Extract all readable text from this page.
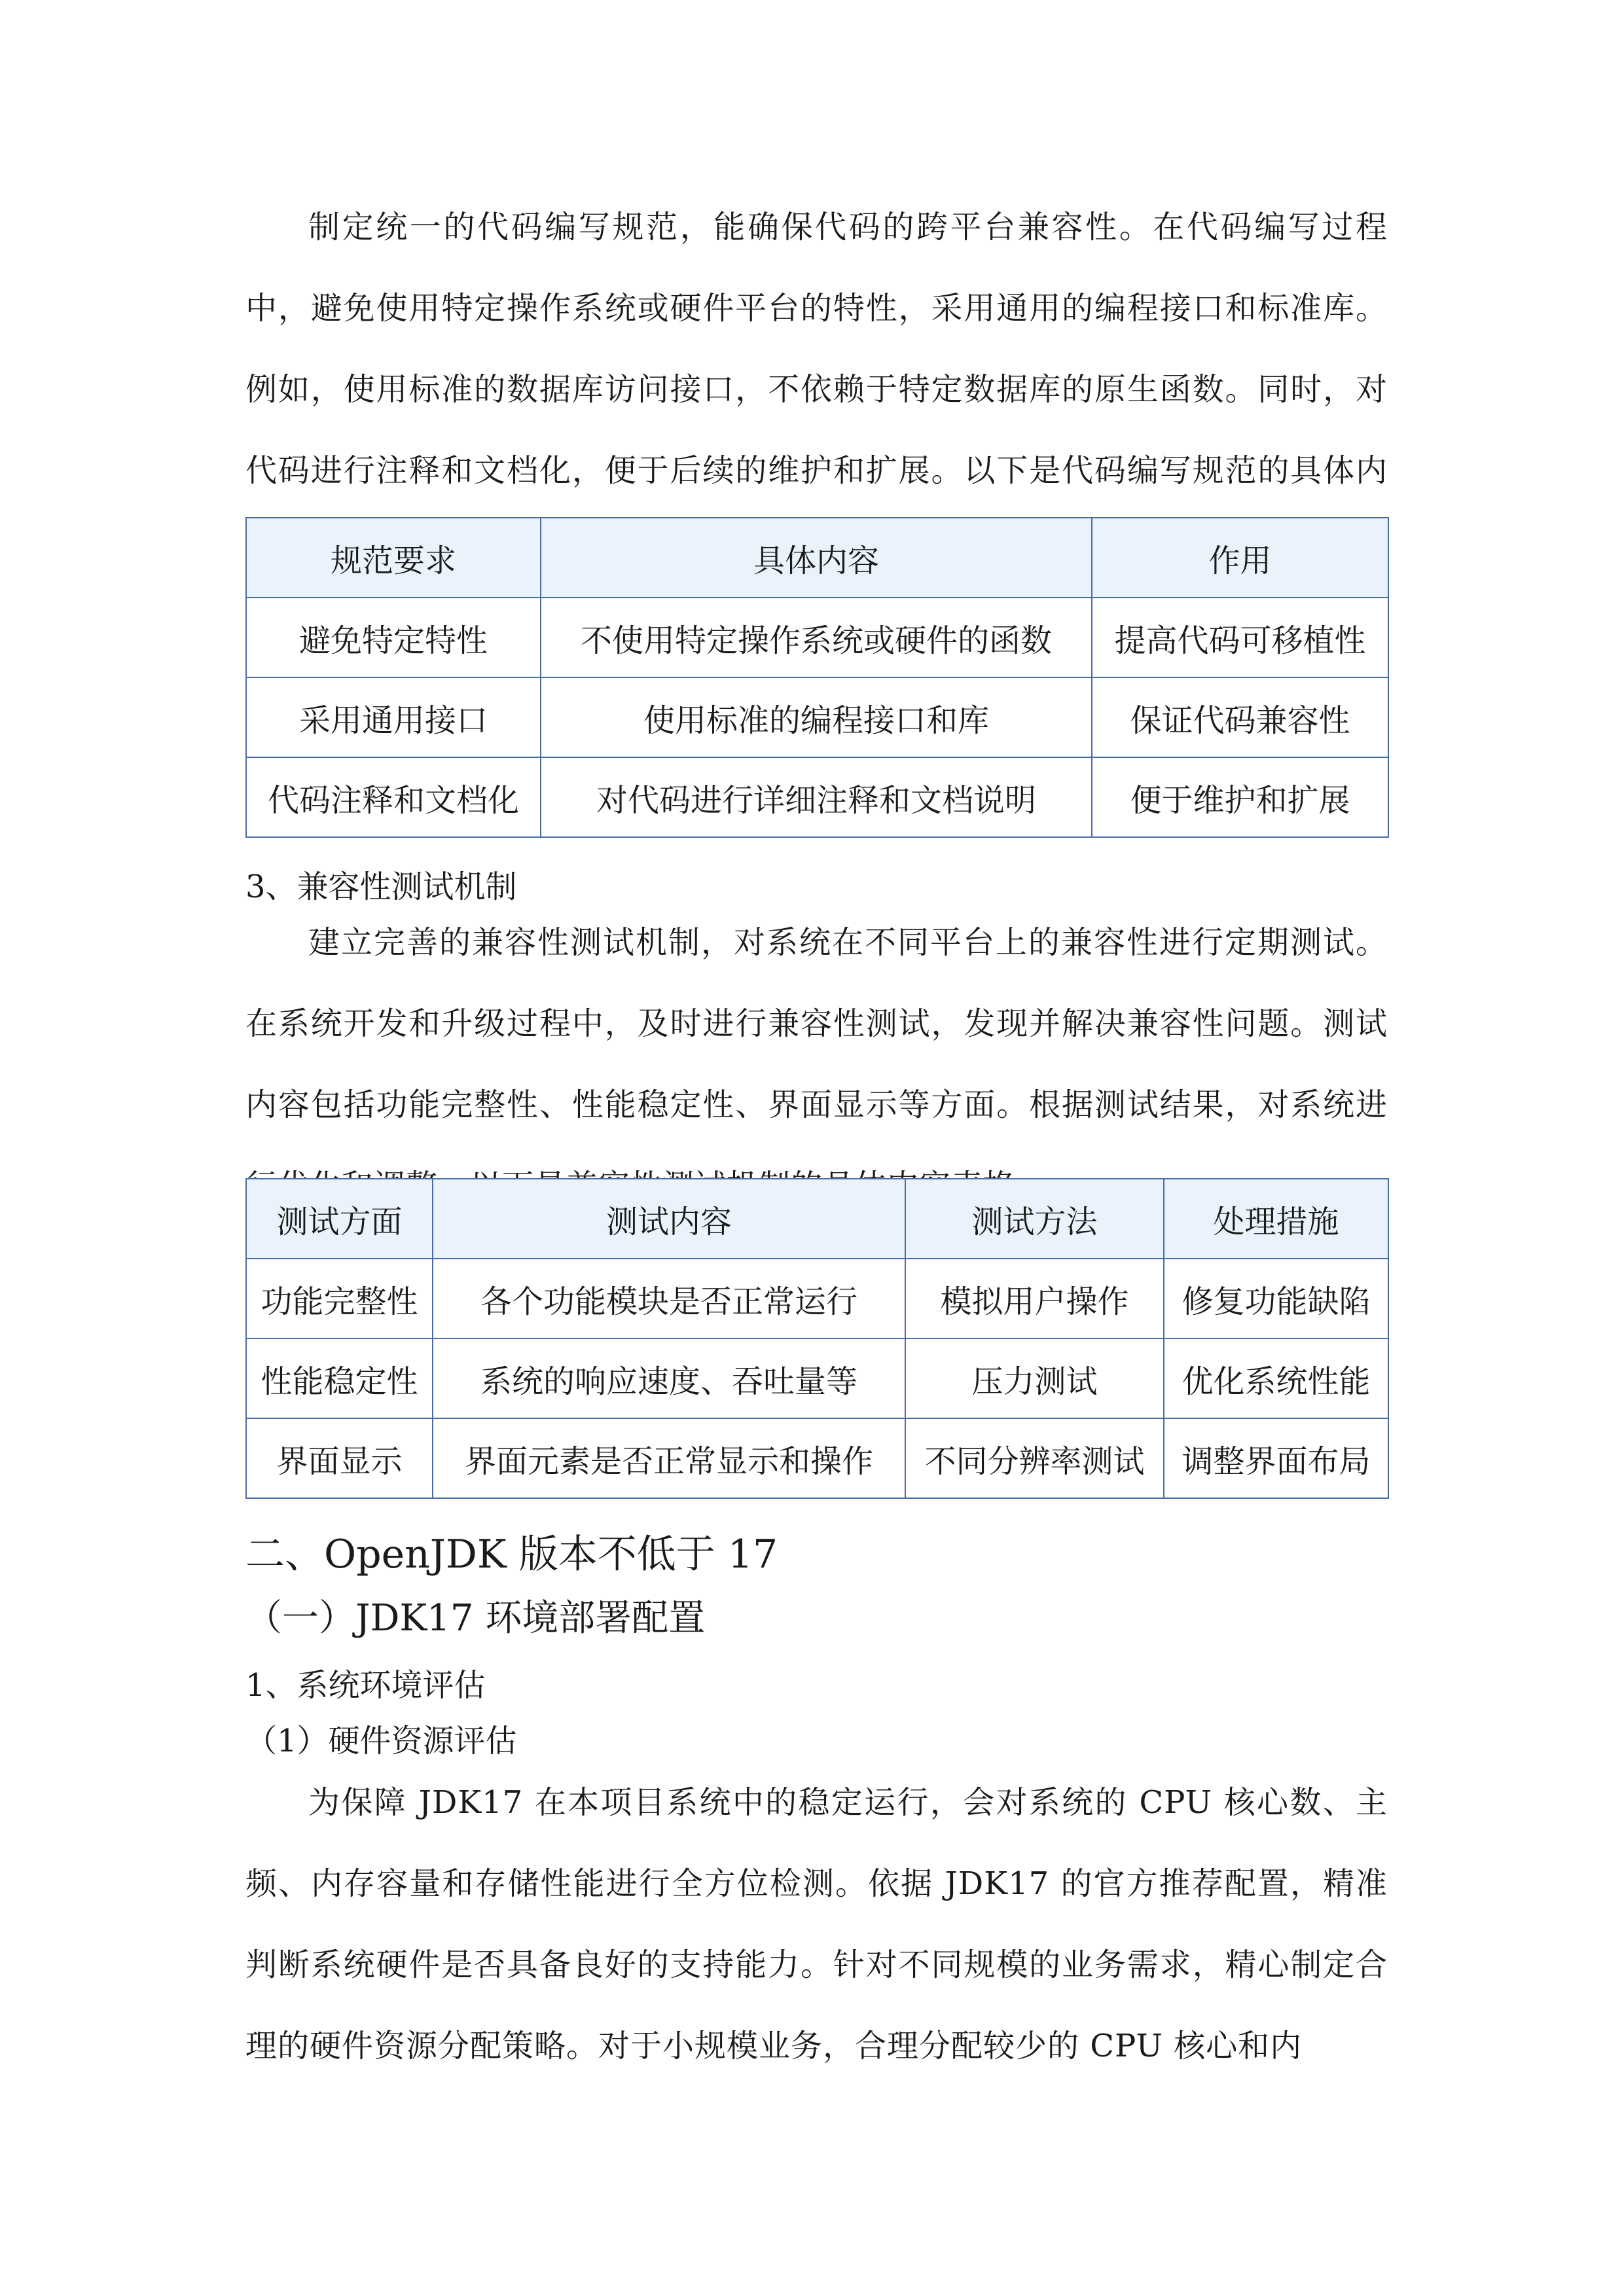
制定统一的代码编写规范，能确保代码的跨平台兼容性。在代码编写过程中，避免使用特定操作系统或硬件平台的特性，采用通用的编程接口和标准库。例如，使用标准的数据库访问接口，不依赖于特定数据库的原生函数。同时，对代码进行注释和文档化，便于后续的维护和扩展。以下是代码编写规范的具体内

规范要求	具体内容	作用
避免特定特性	不使用特定操作系统或硬件的函数	提高代码可移植性
采用通用接口	使用标准的编程接口和库	保证代码兼容性
代码注释和文档化	对代码进行详细注释和文档说明	便于维护和扩展

3、兼容性测试机制

建立完善的兼容性测试机制，对系统在不同平台上的兼容性进行定期测试。在系统开发和升级过程中，及时进行兼容性测试，发现并解决兼容性问题。测试内容包括功能完整性、性能稳定性、界面显示等方面。根据测试结果，对系统进

测试方面	测试内容	测试方法	处理措施
功能完整性	各个功能模块是否正常运行	模拟用户操作	修复功能缺陷
性能稳定性	系统的响应速度、吞吐量等	压力测试	优化系统性能
界面显示	界面元素是否正常显示和操作	不同分辨率测试	调整界面布局
二、OpenJDK 版本不低于 17
（一）JDK17 环境部署配置

1、系统环境评估

（1）硬件资源评估

为保障 JDK17 在本项目系统中的稳定运行，会对系统的 CPU 核心数、主频、内存容量和存储性能进行全方位检测。依据 JDK17 的官方推荐配置，精准判断系统硬件是否具备良好的支持能力。针对不同规模的业务需求，精心制定合理的硬件资源分配策略。对于小规模业务，合理分配较少的 CPU 核心和内
